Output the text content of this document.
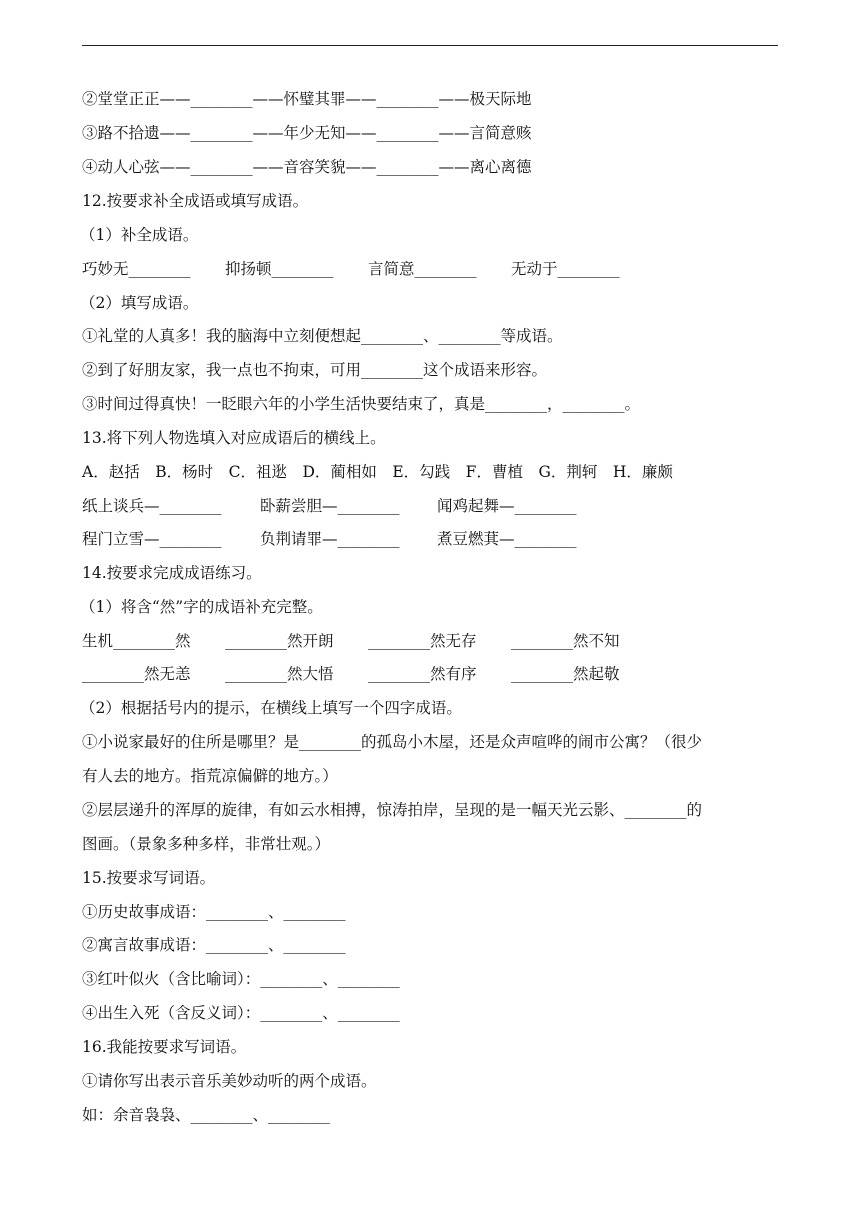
②堂堂正正——________——怀璧其罪——________——极天际地
③路不拾遗——________——年少无知——________——言简意赅
④动人心弦——________——音容笑貌——________——离心离德
12.按要求补全成语或填写成语。
（1）补全成语。
巧妙无________ 抑扬顿________ 言简意________ 无动于________
（2）填写成语。
①礼堂的人真多！我的脑海中立刻便想起________、________等成语。
②到了好朋友家，我一点也不拘束，可用________这个成语来形容。
③时间过得真快！一眨眼六年的小学生活快要结束了，真是________，________。
13.将下列人物选填入对应成语后的横线上。
A．赵括　B．杨时　C．祖逖　D．蔺相如　E．勾践　F．曹植　G．荆轲　H．廉颇
纸上谈兵—________ 卧薪尝胆—________ 闻鸡起舞—________
程门立雪—________ 负荆请罪—________ 煮豆燃萁—________
14.按要求完成成语练习。
（1）将含“然”字的成语补充完整。
生机________然 ________然开朗 ________然无存 ________然不知
________然无恙 ________然大悟 ________然有序 ________然起敬
（2）根据括号内的提示，在横线上填写一个四字成语。
①小说家最好的住所是哪里？是________的孤岛小木屋，还是众声喧哗的闹市公寓？（很少
有人去的地方。指荒凉偏僻的地方。）
②层层递升的浑厚的旋律，有如云水相搏，惊涛拍岸，呈现的是一幅天光云影、________的
图画。（景象多种多样，非常壮观。）
15.按要求写词语。
①历史故事成语：________、________
②寓言故事成语：________、________
③红叶似火（含比喻词）：________、________
④出生入死（含反义词）：________、________
16.我能按要求写词语。
①请你写出表示音乐美妙动听的两个成语。
如：余音袅袅、________、________
